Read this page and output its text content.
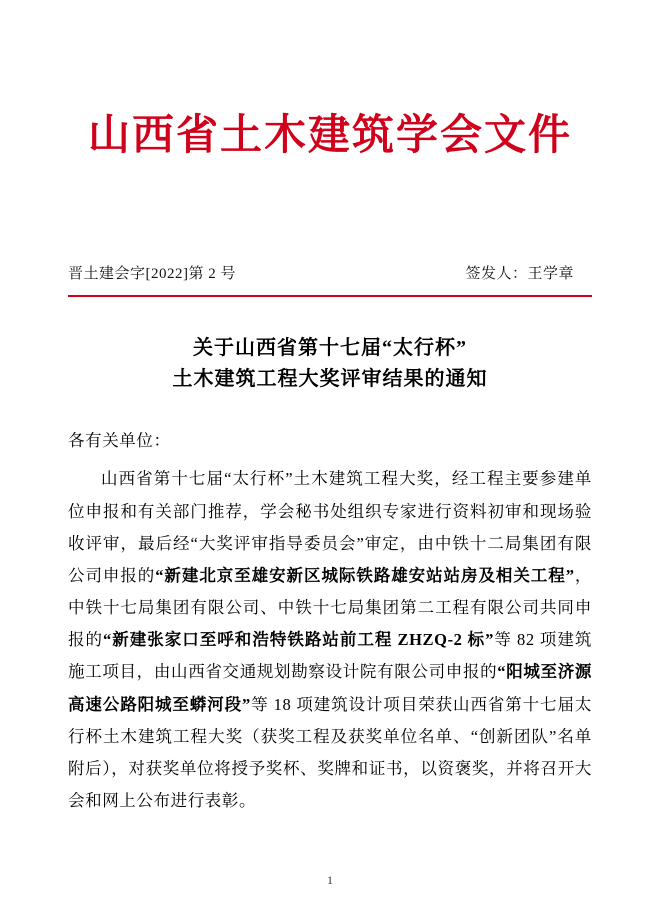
山西省土木建筑学会文件
晋土建会字[2022]第 2 号	签发人：王学章
关于山西省第十七届“太行杯”
土木建筑工程大奖评审结果的通知
各有关单位：
山西省第十七届“太行杯”土木建筑工程大奖，经工程主要参建单位申报和有关部门推荐，学会秘书处组织专家进行资料初审和现场验收评审，最后经“大奖评审指导委员会”审定，由中铁十二局集团有限公司申报的“新建北京至雄安新区城际铁路雄安站站房及相关工程”，中铁十七局集团有限公司、中铁十七局集团第二工程有限公司共同申报的“新建张家口至呼和浩特铁路站前工程 ZHZQ-2 标”等 82 项建筑施工项目，由山西省交通规划勘察设计院有限公司申报的“阳城至济源高速公路阳城至蟒河段”等 18 项建筑设计项目荣获山西省第十七届太行杯土木建筑工程大奖（获奖工程及获奖单位名单、“创新团队”名单附后），对获奖单位将授予奖杯、奖牌和证书，以资褒奖，并将召开大会和网上公布进行表彰。
1
